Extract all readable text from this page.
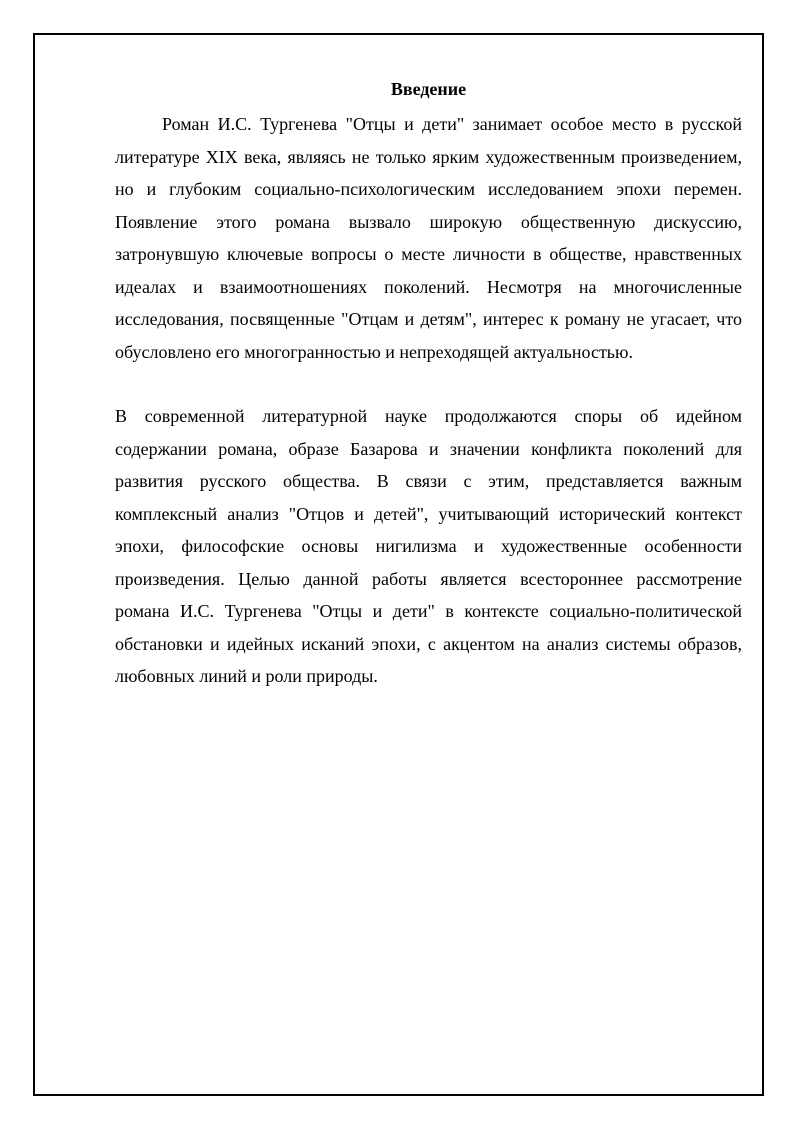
Введение

Роман И.С. Тургенева "Отцы и дети" занимает особое место в русской литературе XIX века, являясь не только ярким художественным произведением, но и глубоким социально-психологическим исследованием эпохи перемен. Появление этого романа вызвало широкую общественную дискуссию, затронувшую ключевые вопросы о месте личности в обществе, нравственных идеалах и взаимоотношениях поколений. Несмотря на многочисленные исследования, посвященные "Отцам и детям", интерес к роману не угасает, что обусловлено его многогранностью и непреходящей актуальностью.

В современной литературной науке продолжаются споры об идейном содержании романа, образе Базарова и значении конфликта поколений для развития русского общества. В связи с этим, представляется важным комплексный анализ "Отцов и детей", учитывающий исторический контекст эпохи, философские основы нигилизма и художественные особенности произведения. Целью данной работы является всестороннее рассмотрение романа И.С. Тургенева "Отцы и дети" в контексте социально-политической обстановки и идейных исканий эпохи, с акцентом на анализ системы образов, любовных линий и роли природы.
